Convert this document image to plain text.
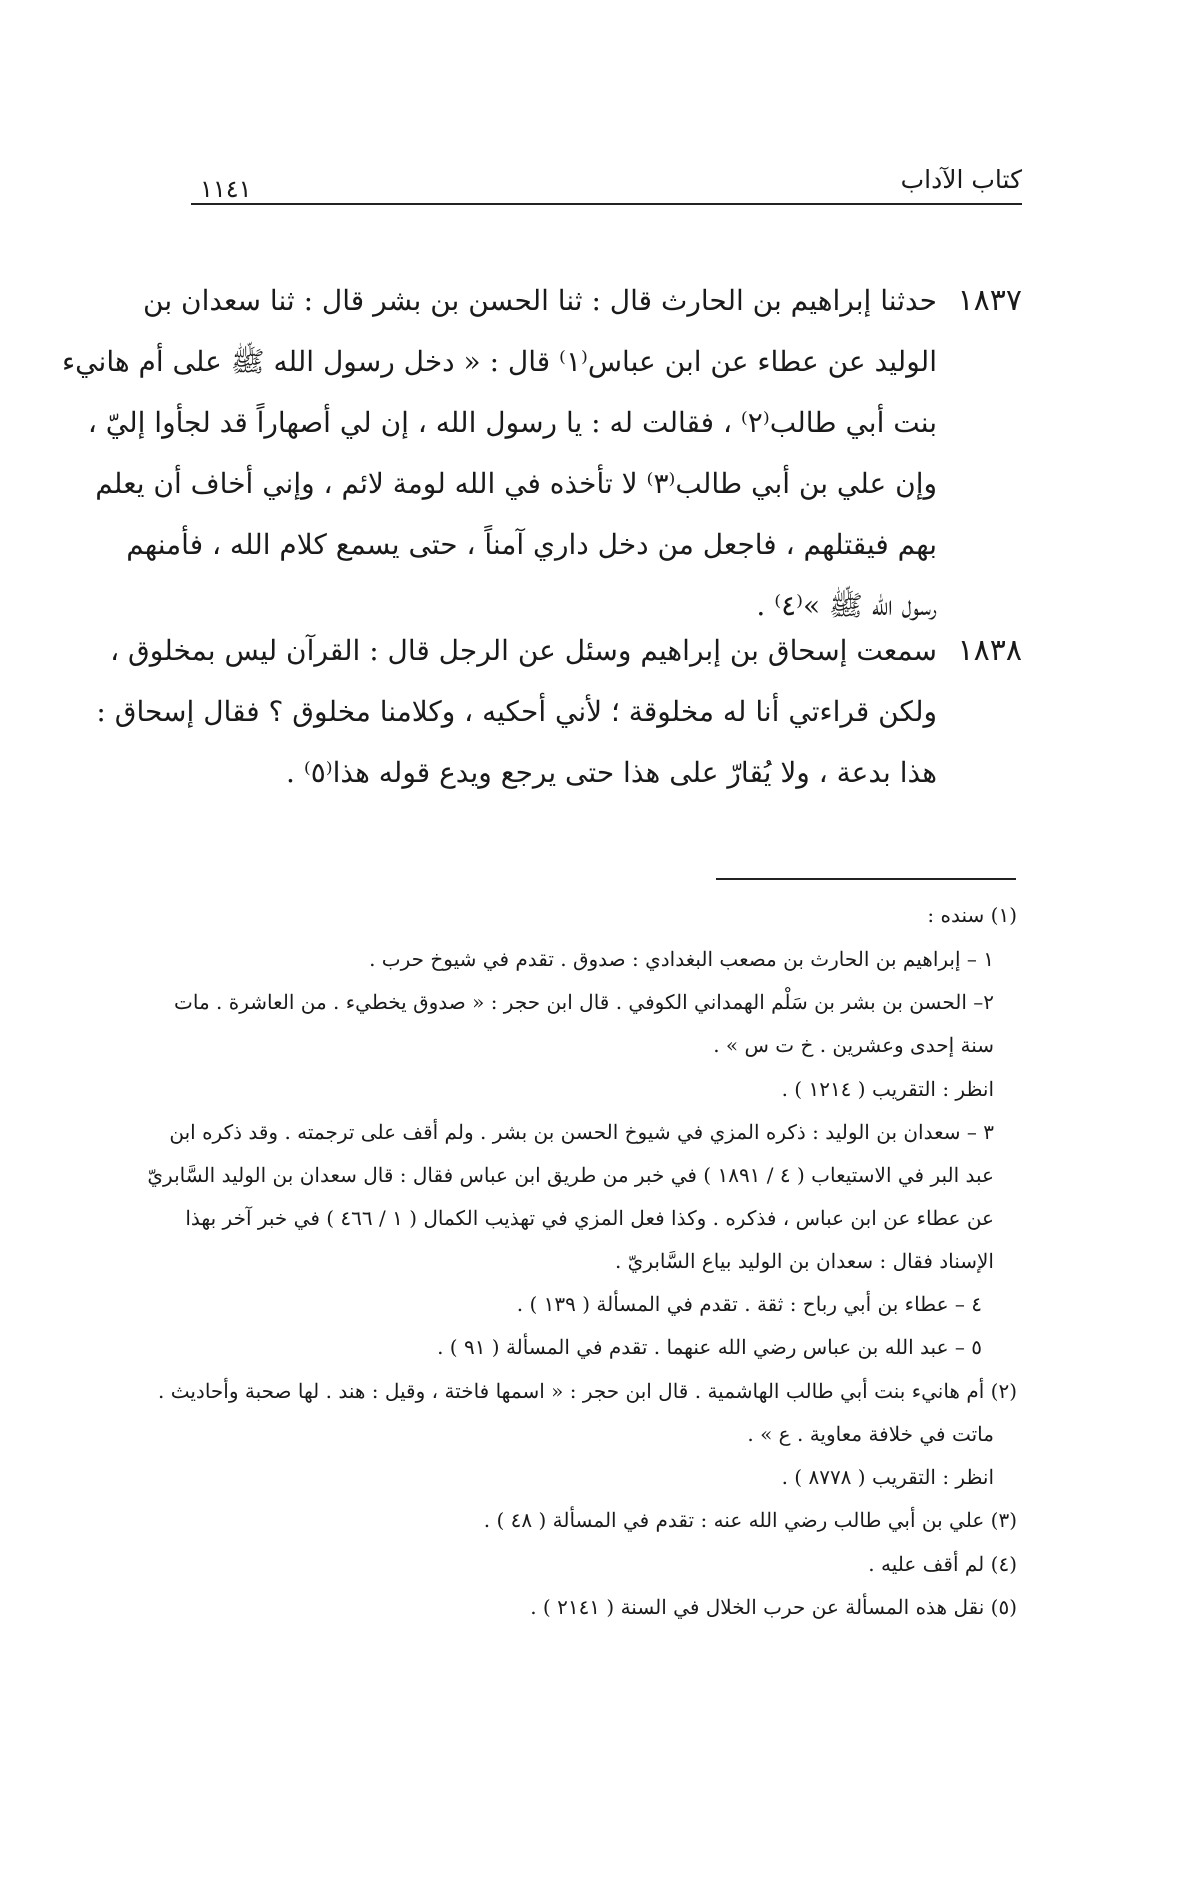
كتاب الآداب
١١٤١
١٨٣٧

حدثنا إبراهيم بن الحارث قال : ثنا الحسن بن بشر قال : ثنا سعدان بن
الوليد عن عطاء عن ابن عباس⁽١⁾ قال : « دخل رسول الله ﷺ على أم هانيء
بنت أبي طالب⁽٢⁾ ، فقالت له : يا رسول الله ، إن لي أصهاراً قد لجأوا إليّ ،
وإن علي بن أبي طالب⁽٣⁾ لا تأخذه في الله لومة لائم ، وإني أخاف أن يعلم
بهم فيقتلهم ، فاجعل من دخل داري آمناً ، حتى يسمع كلام الله ، فأمنهم
رسول الله ﷺ »⁽٤⁾ .

١٨٣٨

سمعت إسحاق بن إبراهيم وسئل عن الرجل قال : القرآن ليس بمخلوق ،
ولكن قراءتي أنا له مخلوقة ؛ لأني أحكيه ، وكلامنا مخلوق ؟ فقال إسحاق :
هذا بدعة ، ولا يُقارّ على هذا حتى يرجع ويدع قوله هذا⁽٥⁾ .

(١) سنده :
١ – إبراهيم بن الحارث بن مصعب البغدادي : صدوق . تقدم في شيوخ حرب .
٢– الحسن بن بشر بن سَلْم الهمداني الكوفي . قال ابن حجر : « صدوق يخطيء . من العاشرة . مات
سنة إحدى وعشرين . خ ت س » .
انظر : التقريب ( ١٢١٤ ) .
٣ – سعدان بن الوليد : ذكره المزي في شيوخ الحسن بن بشر . ولم أقف على ترجمته . وقد ذكره ابن
عبد البر في الاستيعاب ( ٤ / ١٨٩١ ) في خبر من طريق ابن عباس فقال : قال سعدان بن الوليد السَّابريّ
عن عطاء عن ابن عباس ، فذكره . وكذا فعل المزي في تهذيب الكمال ( ١ / ٤٦٦ ) في خبر آخر بهذا
الإسناد فقال : سعدان بن الوليد بياع السَّابريّ .
٤ – عطاء بن أبي رباح : ثقة . تقدم في المسألة ( ١٣٩ ) .
٥ – عبد الله بن عباس رضي الله عنهما . تقدم في المسألة ( ٩١ ) .
(٢) أم هانيء بنت أبي طالب الهاشمية . قال ابن حجر : « اسمها فاختة ، وقيل : هند . لها صحبة وأحاديث .
ماتت في خلافة معاوية . ع » .
انظر : التقريب ( ٨٧٧٨ ) .
(٣) علي بن أبي طالب رضي الله عنه : تقدم في المسألة ( ٤٨ ) .
(٤) لم أقف عليه .
(٥) نقل هذه المسألة عن حرب الخلال في السنة ( ٢١٤١ ) .
